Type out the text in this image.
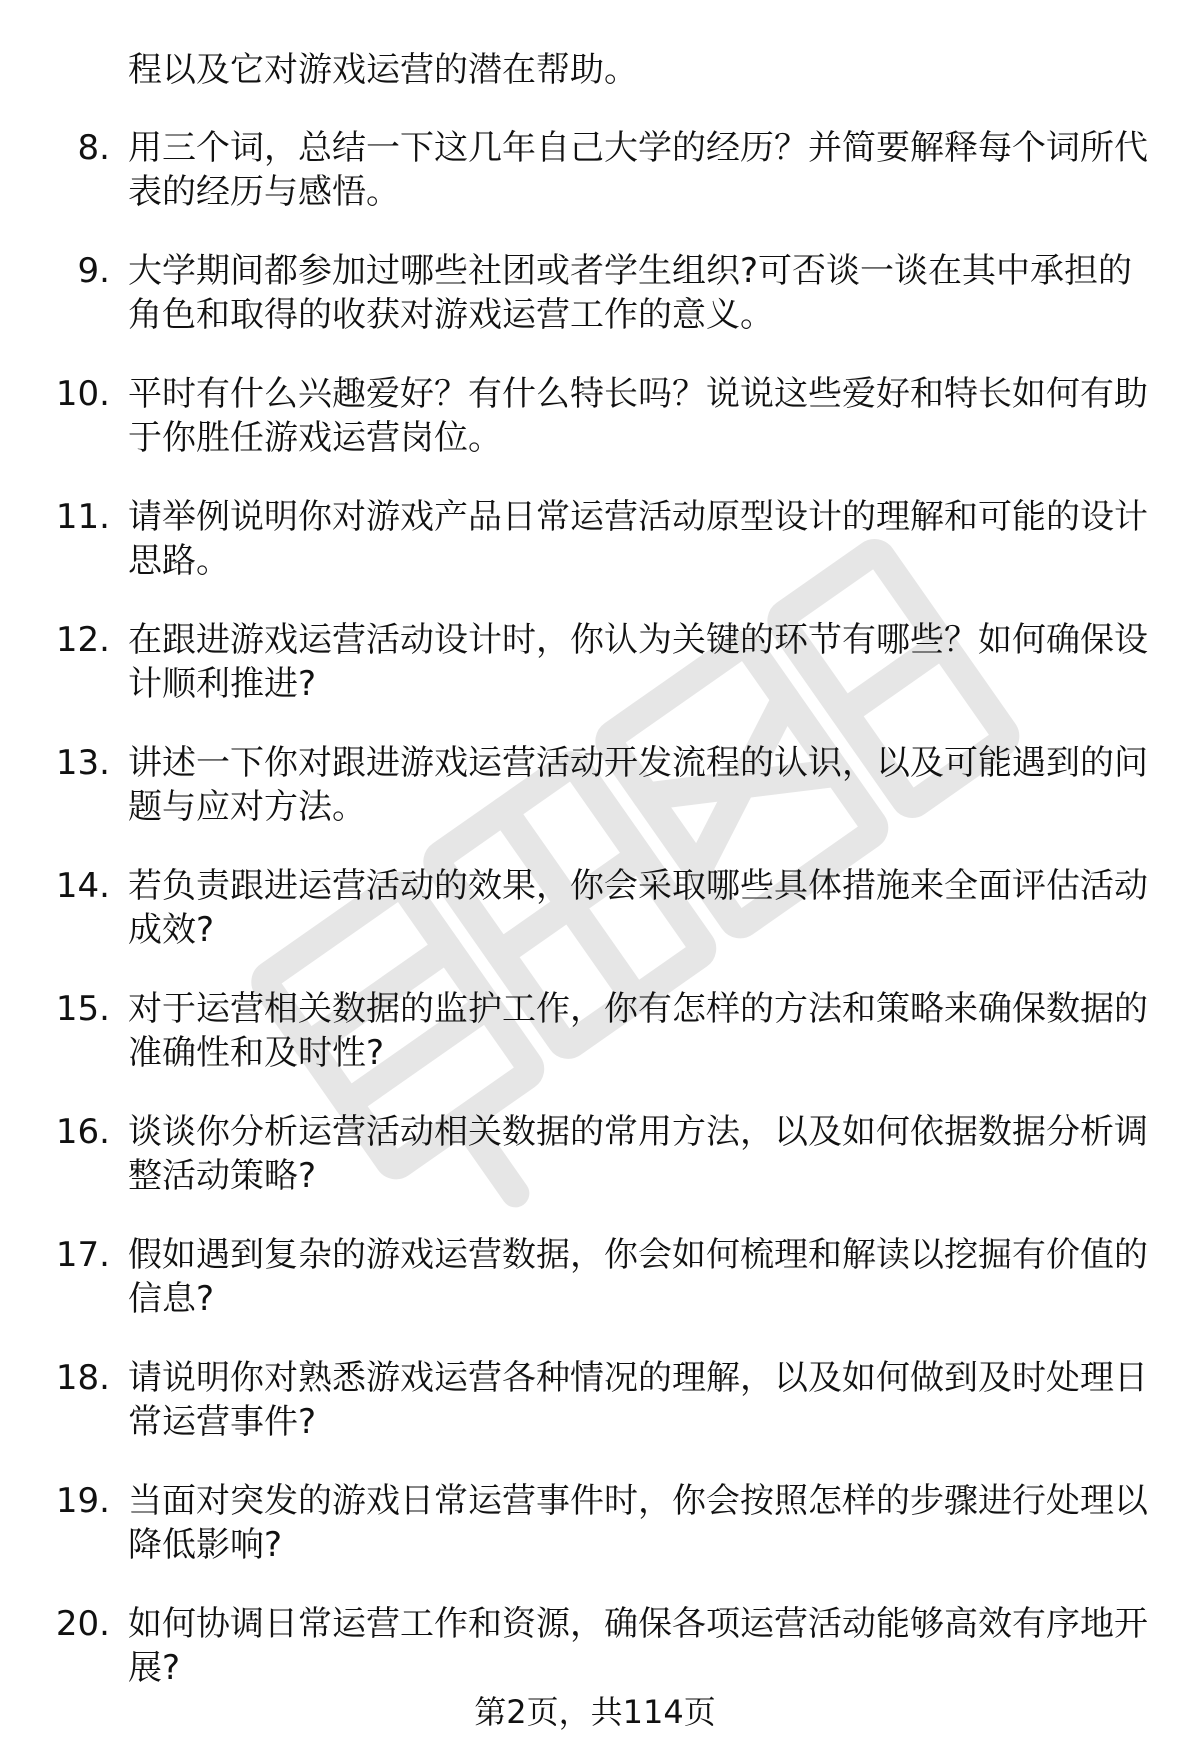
程以及它对游戏运营的潜在帮助。
8. 用三个词，总结一下这几年自己大学的经历？并简要解释每个词所代表的经历与感悟。
9. 大学期间都参加过哪些社团或者学生组织?可否谈一谈在其中承担的角色和取得的收获对游戏运营工作的意义。
10. 平时有什么兴趣爱好？有什么特长吗？说说这些爱好和特长如何有助于你胜任游戏运营岗位。
11. 请举例说明你对游戏产品日常运营活动原型设计的理解和可能的设计思路。
12. 在跟进游戏运营活动设计时，你认为关键的环节有哪些？如何确保设计顺利推进?
13. 讲述一下你对跟进游戏运营活动开发流程的认识，以及可能遇到的问题与应对方法。
14. 若负责跟进运营活动的效果，你会采取哪些具体措施来全面评估活动成效?
15. 对于运营相关数据的监护工作，你有怎样的方法和策略来确保数据的准确性和及时性?
16. 谈谈你分析运营活动相关数据的常用方法，以及如何依据数据分析调整活动策略?
17. 假如遇到复杂的游戏运营数据，你会如何梳理和解读以挖掘有价值的信息?
18. 请说明你对熟悉游戏运营各种情况的理解，以及如何做到及时处理日常运营事件?
19. 当面对突发的游戏日常运营事件时，你会按照怎样的步骤进行处理以降低影响?
20. 如何协调日常运营工作和资源，确保各项运营活动能够高效有序地开展?
第2页，共114页
